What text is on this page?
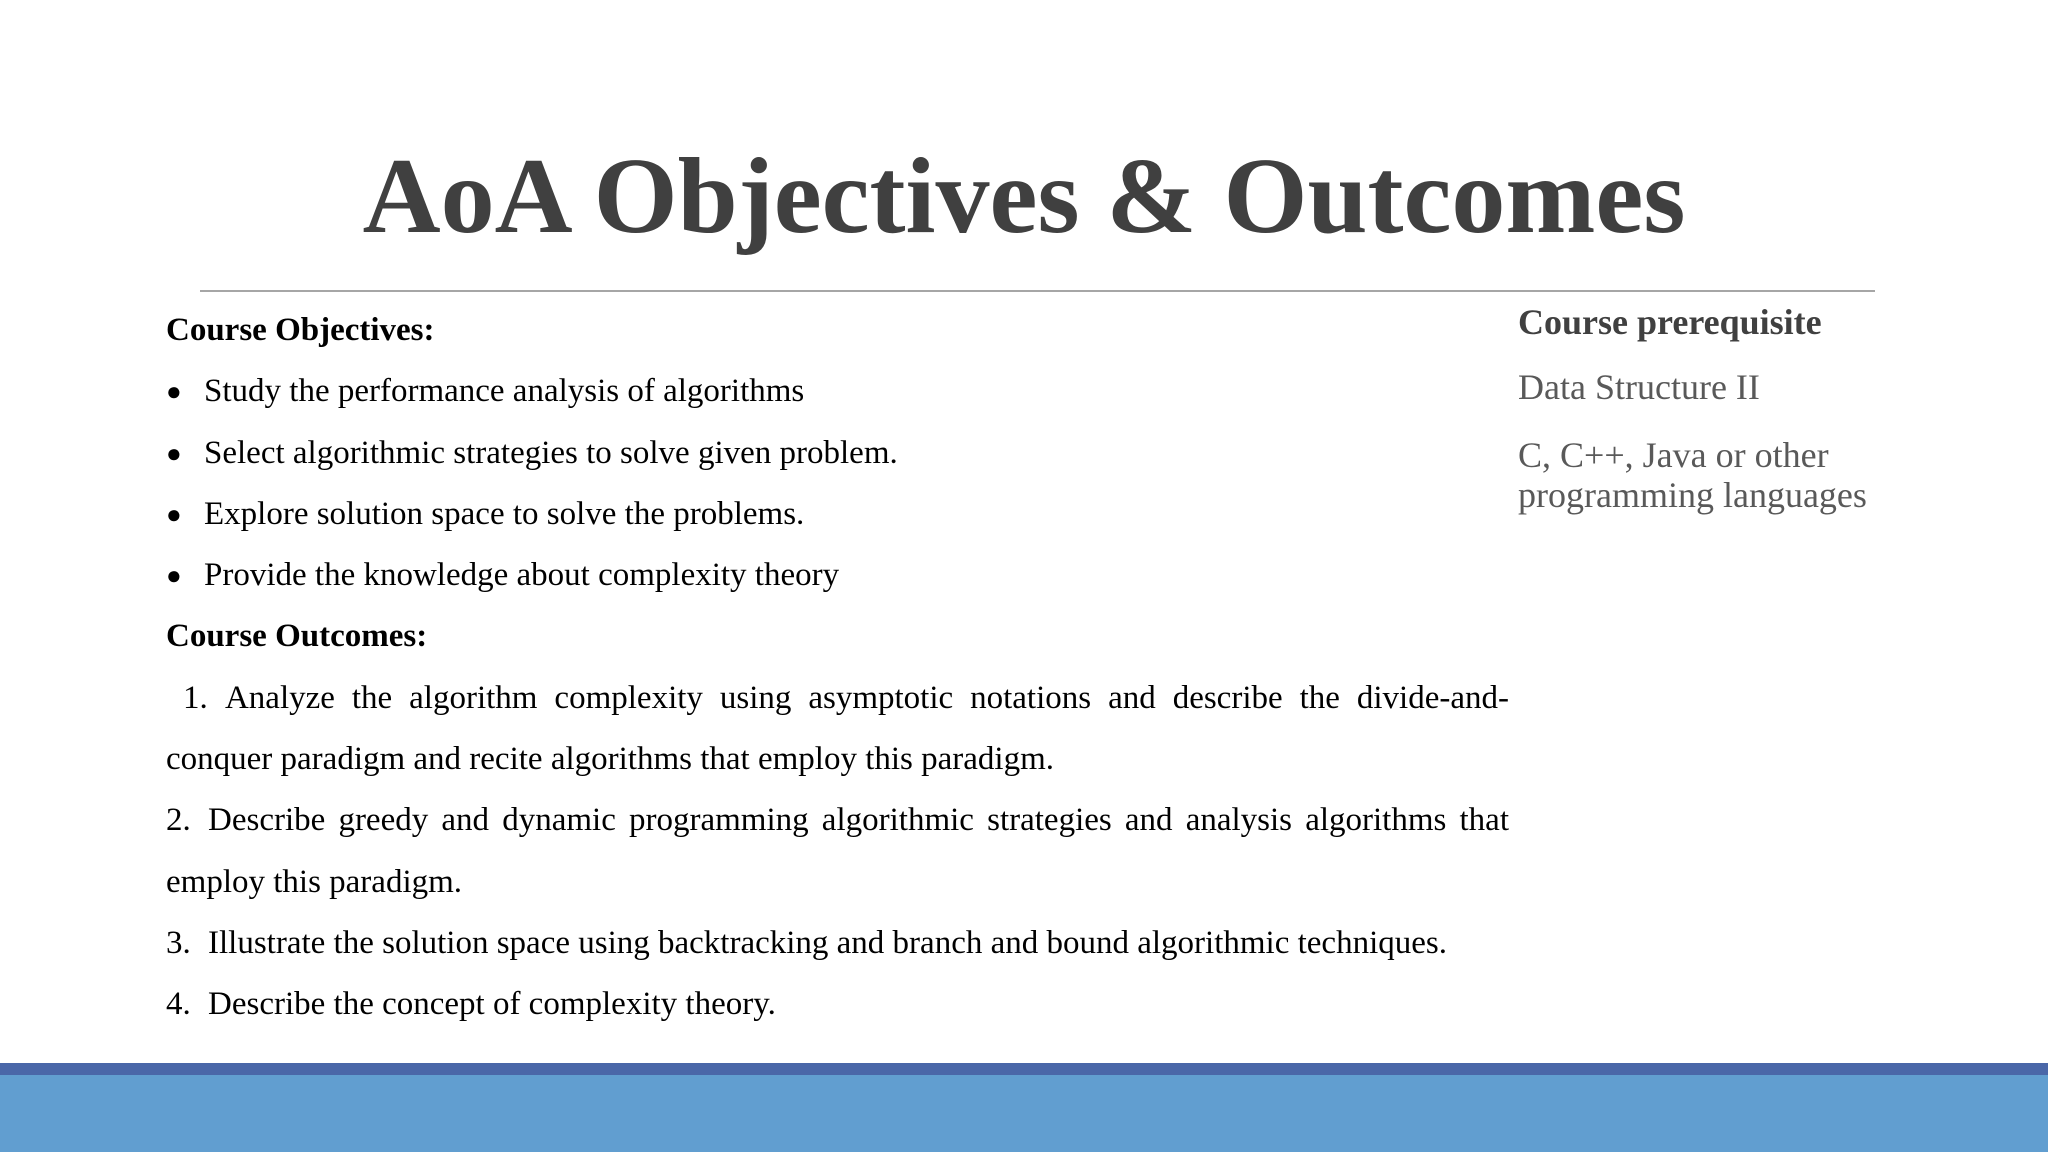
AoA Objectives & Outcomes
Course Objectives:
● Study the performance analysis of algorithms
● Select algorithmic strategies to solve given problem.
● Explore solution space to solve the problems.
● Provide the knowledge about complexity theory
Course Outcomes:
1. Analyze the algorithm complexity using asymptotic notations and describe the divide-and-
conquer paradigm and recite algorithms that employ this paradigm.
2. Describe greedy and dynamic programming algorithmic strategies and analysis algorithms that
employ this paradigm.
3. Illustrate the solution space using backtracking and branch and bound algorithmic techniques.
4. Describe the concept of complexity theory.
Course prerequisite
Data Structure II
C, C++, Java or other programming languages
